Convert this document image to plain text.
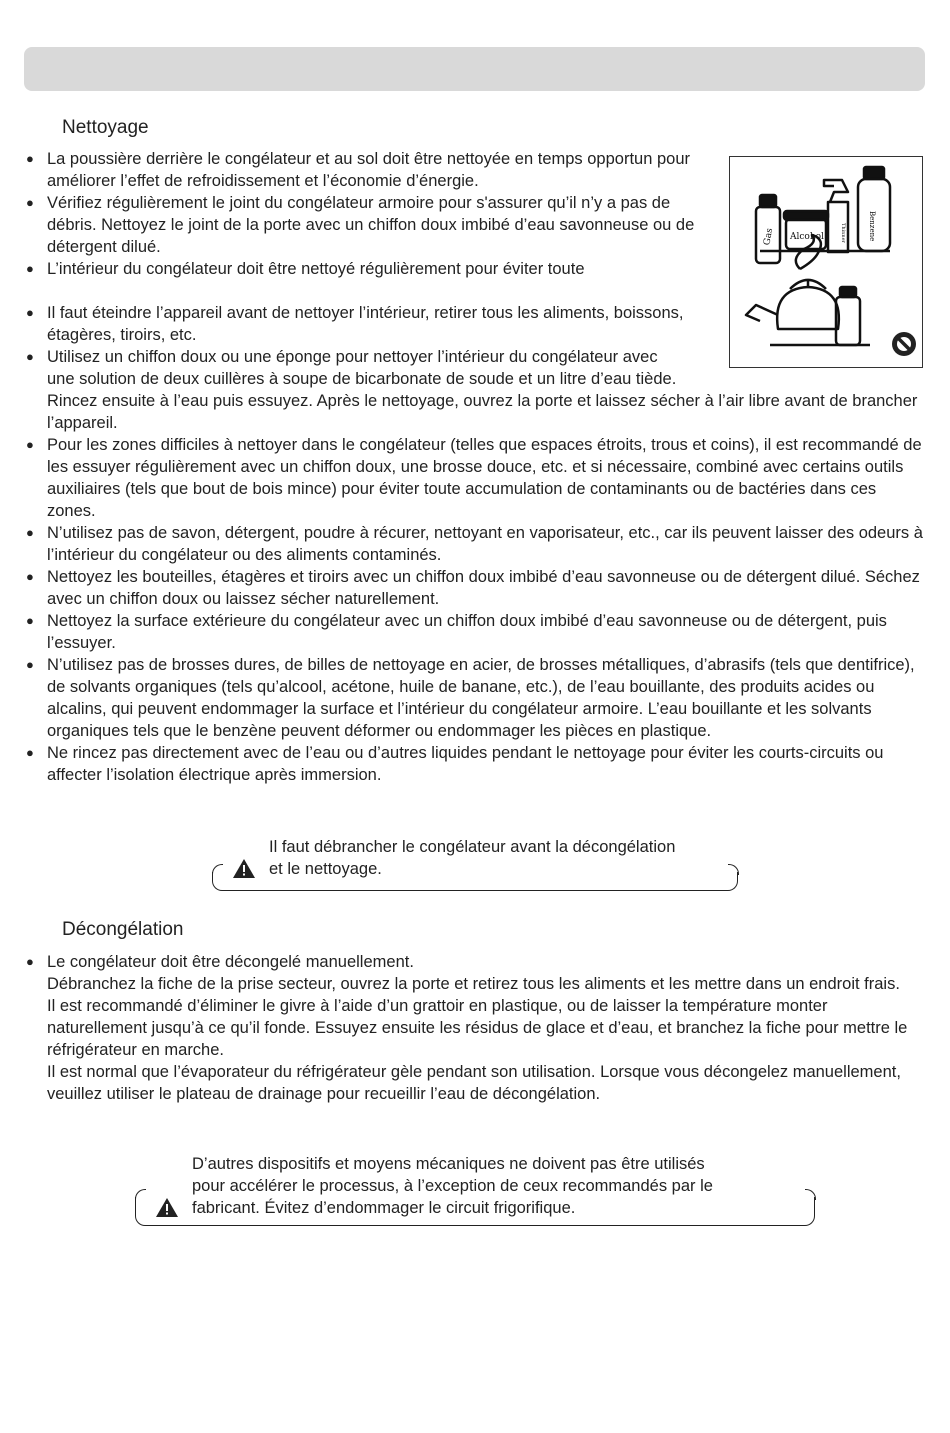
Nettoyage
● La poussière derrière le congélateur et au sol doit être nettoyée en temps opportun pour améliorer l’effet de refroidissement et l’économie d’énergie.
● Vérifiez régulièrement le joint du congélateur armoire pour s'assurer qu’il n’y a pas de débris. Nettoyez le joint de la porte avec un chiffon doux imbibé d’eau savonneuse ou de détergent dilué.
● L’intérieur du congélateur doit être nettoyé régulièrement pour éviter toute
● Il faut éteindre l’appareil avant de nettoyer l’intérieur, retirer tous les aliments, boissons, étagères, tiroirs, etc.
● Utilisez un chiffon doux ou une éponge pour nettoyer l’intérieur du congélateur avec une solution de deux cuillères à soupe de bicarbonate de soude et un litre d’eau tiède. Rincez ensuite à l’eau puis essuyez. Après le nettoyage, ouvrez la porte et laissez sécher à l’air libre avant de brancher l’appareil.
● Pour les zones difficiles à nettoyer dans le congélateur (telles que espaces étroits, trous et coins), il est recommandé de les essuyer régulièrement avec un chiffon doux, une brosse douce, etc. et si nécessaire, combiné avec certains outils auxiliaires (tels que bout de bois mince) pour éviter toute accumulation de contaminants ou de bactéries dans ces zones.
● N’utilisez pas de savon, détergent, poudre à récurer, nettoyant en vaporisateur, etc., car ils peuvent laisser des odeurs à l’intérieur du congélateur ou des aliments contaminés.
● Nettoyez les bouteilles, étagères et tiroirs avec un chiffon doux imbibé d’eau savonneuse ou de détergent dilué. Séchez avec un chiffon doux ou laissez sécher naturellement.
● Nettoyez la surface extérieure du congélateur avec un chiffon doux imbibé d’eau savonneuse ou de détergent, puis l’essuyer.
● N’utilisez pas de brosses dures, de billes de nettoyage en acier, de brosses métalliques, d’abrasifs (tels que dentifrice), de solvants organiques (tels qu’alcool, acétone, huile de banane, etc.), de l’eau bouillante, des produits acides ou alcalins, qui peuvent endommager la surface et l’intérieur du congélateur armoire. L’eau bouillante et les solvants organiques tels que le benzène peuvent déformer ou endommager les pièces en plastique.
● Ne rincez pas directement avec de l’eau ou d’autres liquides pendant le nettoyage pour éviter les courts-circuits ou affecter l’isolation électrique après immersion.
Gas Alcohol	Benzene
Thinner
Il faut débrancher le congélateur avant la décongélation
et le nettoyage.
Décongélation
● Le congélateur doit être décongelé manuellement.
Débranchez la fiche de la prise secteur, ouvrez la porte et retirez tous les aliments et les mettre dans un endroit frais.
Il est recommandé d’éliminer le givre à l’aide d’un grattoir en plastique, ou de laisser la température monter naturellement jusqu’à ce qu’il fonde. Essuyez ensuite les résidus de glace et d’eau, et branchez la fiche pour mettre le réfrigérateur en marche.
Il est normal que l’évaporateur du réfrigérateur gèle pendant son utilisation. Lorsque vous décongelez manuellement, veuillez utiliser le plateau de drainage pour recueillir l’eau de décongélation.
D’autres dispositifs et moyens mécaniques ne doivent pas être utilisés
pour accélérer le processus, à l’exception de ceux recommandés par le
fabricant. Évitez d’endommager le circuit frigorifique.
